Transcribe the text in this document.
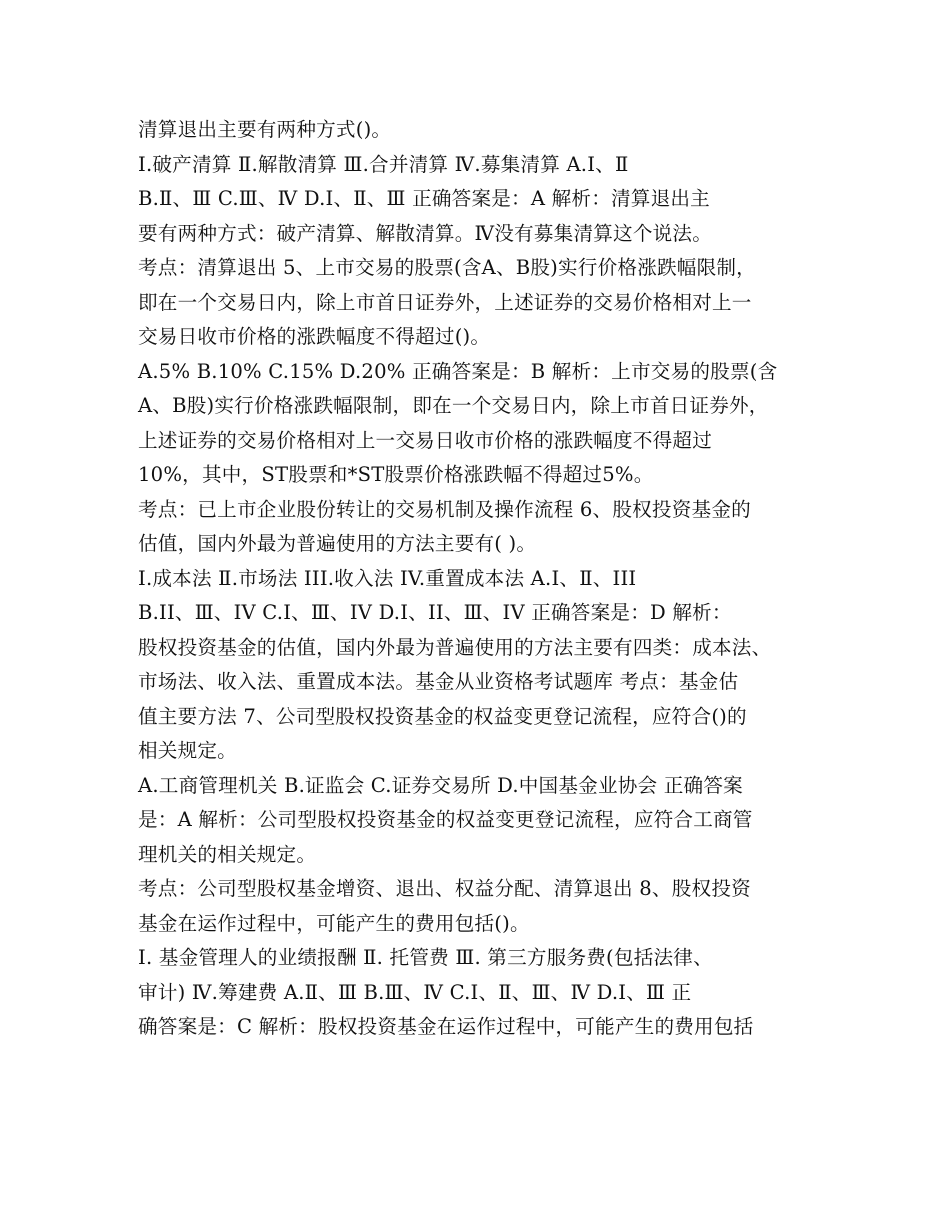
清算退出主要有两种方式()。
Ⅰ.破产清算 Ⅱ.解散清算 Ⅲ.合并清算 Ⅳ.募集清算 A.Ⅰ、Ⅱ
B.Ⅱ、Ⅲ C.Ⅲ、Ⅳ D.Ⅰ、Ⅱ、Ⅲ 正确答案是：A 解析：清算退出主
要有两种方式：破产清算、解散清算。Ⅳ没有募集清算这个说法。
考点：清算退出 5、上市交易的股票(含A、B股)实行价格涨跌幅限制，
即在一个交易日内，除上市首日证券外，上述证券的交易价格相对上一
交易日收市价格的涨跌幅度不得超过()。
A.5% B.10% C.15% D.20% 正确答案是：B 解析：上市交易的股票(含
A、B股)实行价格涨跌幅限制，即在一个交易日内，除上市首日证券外，
上述证券的交易价格相对上一交易日收市价格的涨跌幅度不得超过
10%，其中，ST股票和*ST股票价格涨跌幅不得超过5%。
考点：已上市企业股份转让的交易机制及操作流程 6、股权投资基金的
估值，国内外最为普遍使用的方法主要有( )。
Ⅰ.成本法 Ⅱ.市场法 III.收入法 IV.重置成本法 A.I、Ⅱ、III
B.II、Ⅲ、IV C.I、Ⅲ、IV D.I、II、Ⅲ、IV 正确答案是：D 解析：
股权投资基金的估值，国内外最为普遍使用的方法主要有四类：成本法、
市场法、收入法、重置成本法。基金从业资格考试题库 考点：基金估
值主要方法 7、公司型股权投资基金的权益变更登记流程，应符合()的
相关规定。
A.工商管理机关 B.证监会 C.证券交易所 D.中国基金业协会 正确答案
是：A 解析：公司型股权投资基金的权益变更登记流程，应符合工商管
理机关的相关规定。
考点：公司型股权基金增资、退出、权益分配、清算退出 8、股权投资
基金在运作过程中，可能产生的费用包括()。
Ⅰ. 基金管理人的业绩报酬 Ⅱ. 托管费 Ⅲ. 第三方服务费(包括法律、
审计) Ⅳ.筹建费 A.Ⅱ、Ⅲ B.Ⅲ、Ⅳ C.Ⅰ、Ⅱ、Ⅲ、Ⅳ D.Ⅰ、Ⅲ 正
确答案是：C 解析：股权投资基金在运作过程中，可能产生的费用包括
